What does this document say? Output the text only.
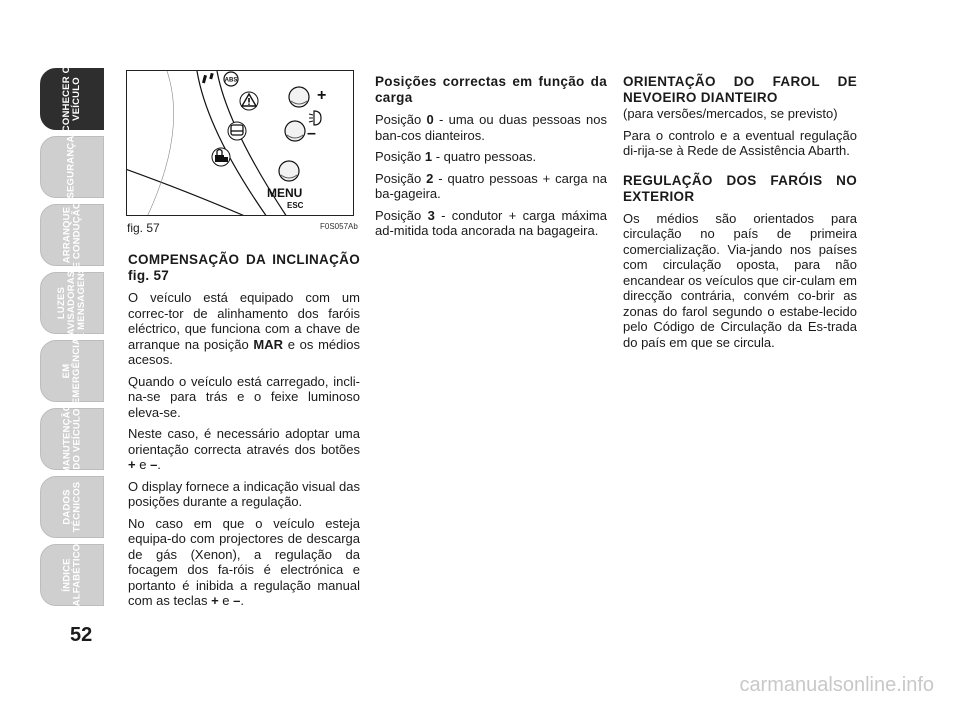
CONHECER O
VEÍCULO
SEGURANÇA
ARRANQUE
E CONDUÇÃO
LUZES
AVISADORAS
E MENSAGENS
EM
EMERGÊNCIA
MANUTENÇÃO
DO VEÍCULO
DADOS
TÉCNICOS
ÍNDICE
ALFABÉTICO
52
ABS
+
–
MENU
ESC
fig. 57	F0S057Ab
COMPENSAÇÃO DA INCLINAÇÃO fig. 57
O veículo está equipado com um correc-tor de alinhamento dos faróis eléctrico, que funciona com a chave de arranque na posição MAR e os médios acesos.
Quando o veículo está carregado, incli-na-se para trás e o feixe luminoso eleva-se.
Neste caso, é necessário adoptar uma orientação correcta através dos botões + e –.
O display fornece a indicação visual das posições durante a regulação.
No caso em que o veículo esteja equipa-do com projectores de descarga de gás (Xenon), a regulação da focagem dos fa-róis é electrónica e portanto é inibida a regulação manual com as teclas + e –.
Posições correctas em função da carga
Posição 0 - uma ou duas pessoas nos ban-cos dianteiros.
Posição 1 - quatro pessoas.
Posição 2 - quatro pessoas + carga na ba-gageira.
Posição 3 - condutor + carga máxima ad-mitida toda ancorada na bagageira.
ORIENTAÇÃO DO FAROL DE NEVOEIRO DIANTEIRO
(para versões/mercados, se previsto)
Para o controlo e a eventual regulação di-rija-se à Rede de Assistência Abarth.
REGULAÇÃO DOS FARÓIS NO EXTERIOR
Os médios são orientados para circulação no país de primeira comercialização. Via-jando nos países com circulação oposta, para não encandear os veículos que cir-culam em direcção contrária, convém co-brir as zonas do farol segundo o estabe-lecido pelo Código de Circulação da Es-trada do país em que se circula.
carmanualsonline.info
